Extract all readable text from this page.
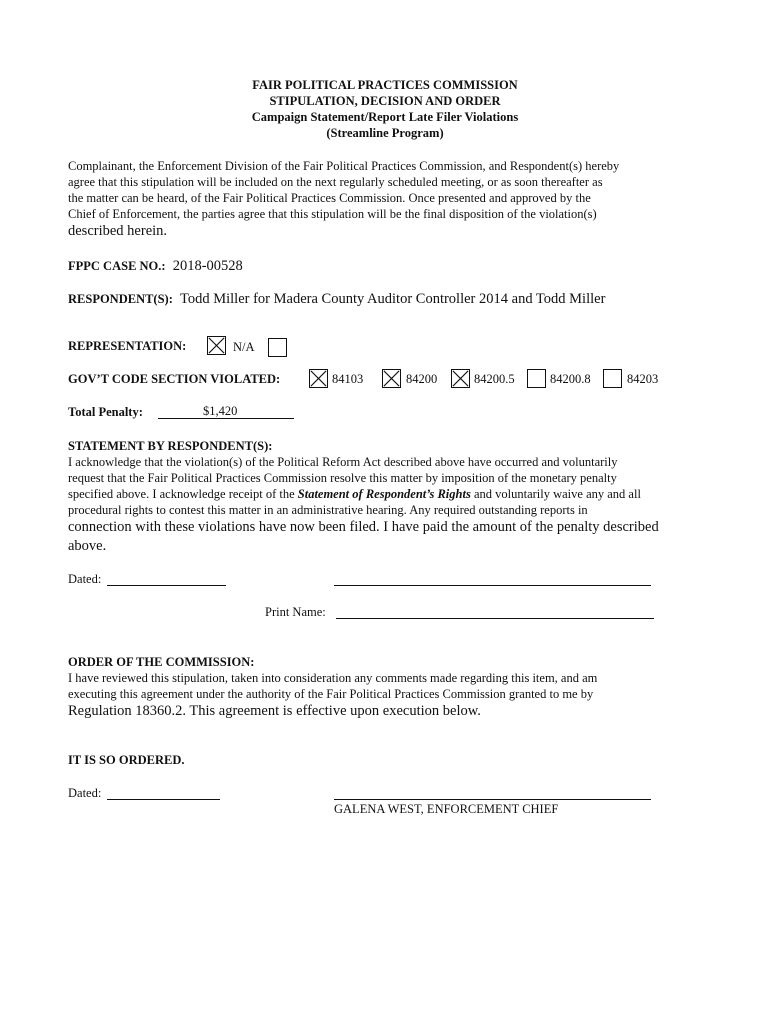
FAIR POLITICAL PRACTICES COMMISSION
STIPULATION, DECISION AND ORDER
Campaign Statement/Report Late Filer Violations
(Streamline Program)
Complainant, the Enforcement Division of the Fair Political Practices Commission, and Respondent(s) hereby
agree that this stipulation will be included on the next regularly scheduled meeting, or as soon thereafter as
the matter can be heard, of the Fair Political Practices Commission. Once presented and approved by the
Chief of Enforcement, the parties agree that this stipulation will be the final disposition of the violation(s)
described herein.
FPPC CASE NO.: 2018-00528
RESPONDENT(S): Todd Miller for Madera County Auditor Controller 2014 and Todd Miller
REPRESENTATION:	N/A
GOV’T CODE SECTION VIOLATED:	84103	84200	84200.5	84200.8	84203
Total Penalty:	$1,420
STATEMENT BY RESPONDENT(S):
I acknowledge that the violation(s) of the Political Reform Act described above have occurred and voluntarily
request that the Fair Political Practices Commission resolve this matter by imposition of the monetary penalty
specified above. I acknowledge receipt of the Statement of Respondent’s Rights and voluntarily waive any and all
procedural rights to contest this matter in an administrative hearing. Any required outstanding reports in
connection with these violations have now been filed. I have paid the amount of the penalty described
above.
Dated:
Print Name:
ORDER OF THE COMMISSION:
I have reviewed this stipulation, taken into consideration any comments made regarding this item, and am
executing this agreement under the authority of the Fair Political Practices Commission granted to me by
Regulation 18360.2. This agreement is effective upon execution below.
IT IS SO ORDERED.
Dated:
GALENA WEST, ENFORCEMENT CHIEF
